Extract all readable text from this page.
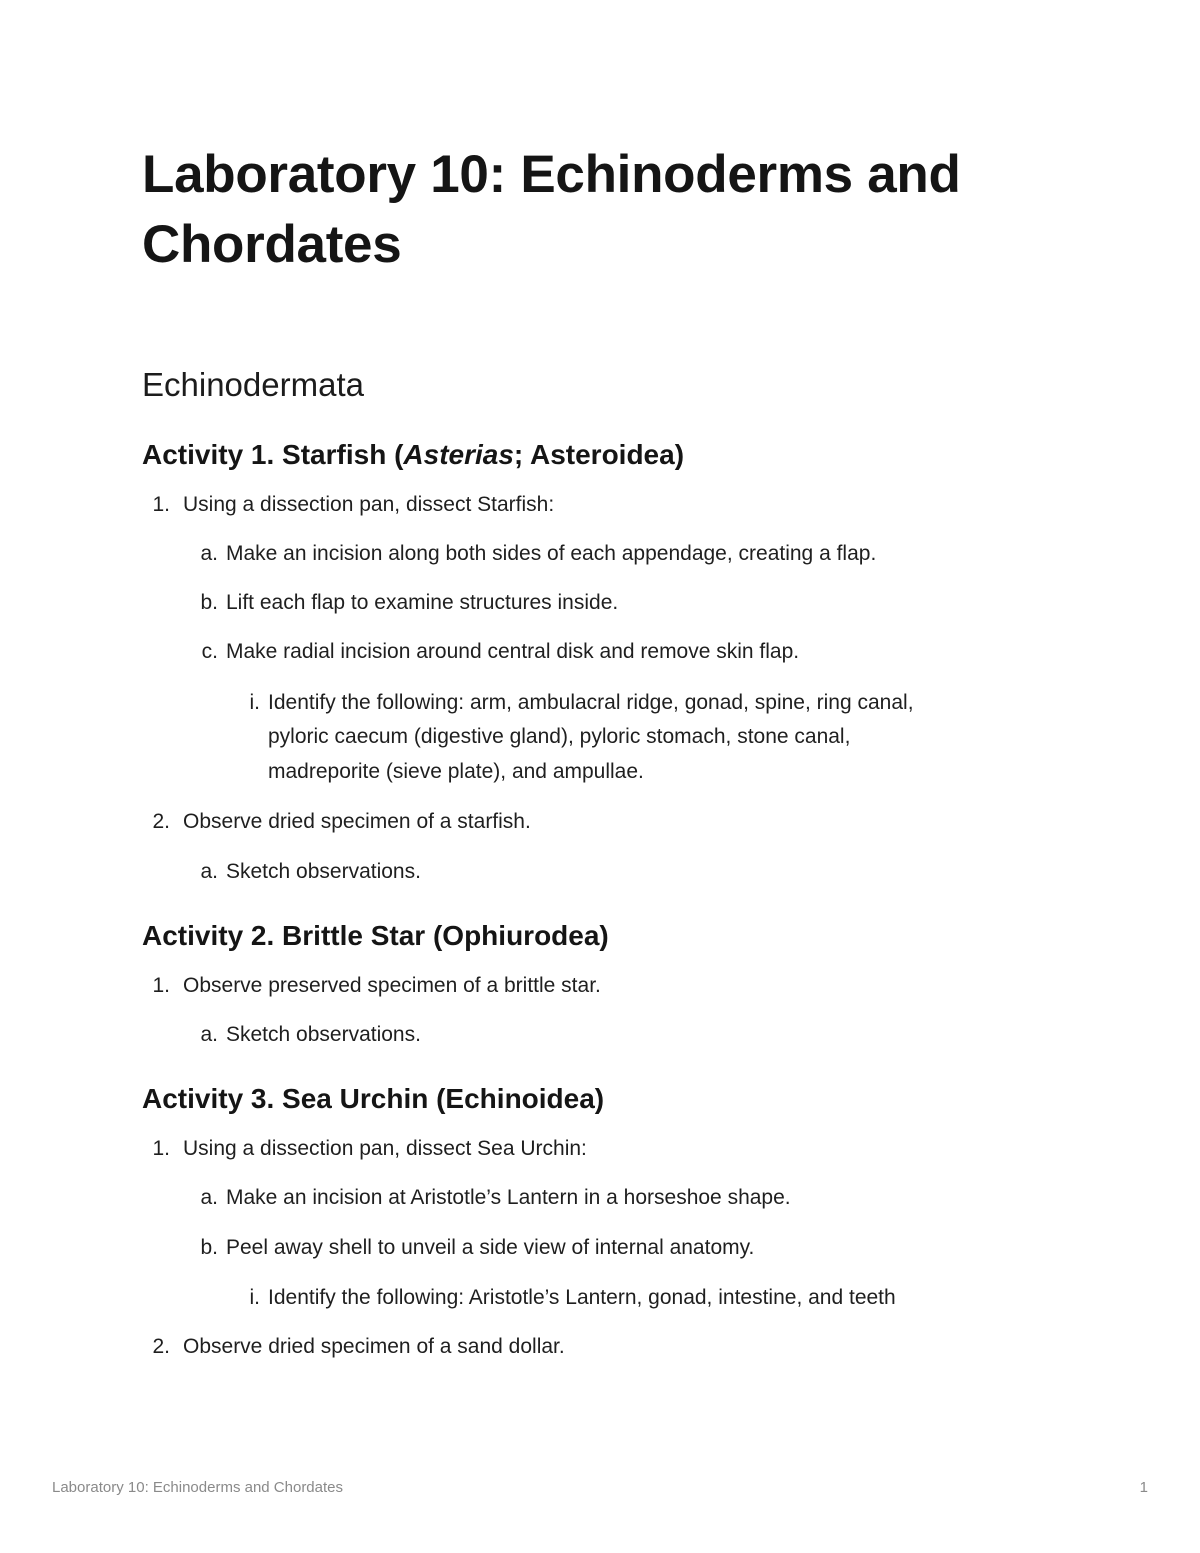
Laboratory 10: Echinoderms and Chordates
Echinodermata
Activity 1. Starfish (Asterias; Asteroidea)
1. Using a dissection pan, dissect Starfish:
a. Make an incision along both sides of each appendage, creating a flap.
b. Lift each flap to examine structures inside.
c. Make radial incision around central disk and remove skin flap.
i. Identify the following: arm, ambulacral ridge, gonad, spine, ring canal,
pyloric caecum (digestive gland), pyloric stomach, stone canal,
madreporite (sieve plate), and ampullae.
2. Observe dried specimen of a starfish.
a. Sketch observations.
Activity 2. Brittle Star (Ophiurodea)
1. Observe preserved specimen of a brittle star.
a. Sketch observations.
Activity 3. Sea Urchin (Echinoidea)
1. Using a dissection pan, dissect Sea Urchin:
a. Make an incision at Aristotle’s Lantern in a horseshoe shape.
b. Peel away shell to unveil a side view of internal anatomy.
i. Identify the following: Aristotle’s Lantern, gonad, intestine, and teeth
2. Observe dried specimen of a sand dollar.
Laboratory 10: Echinoderms and Chordates	1
